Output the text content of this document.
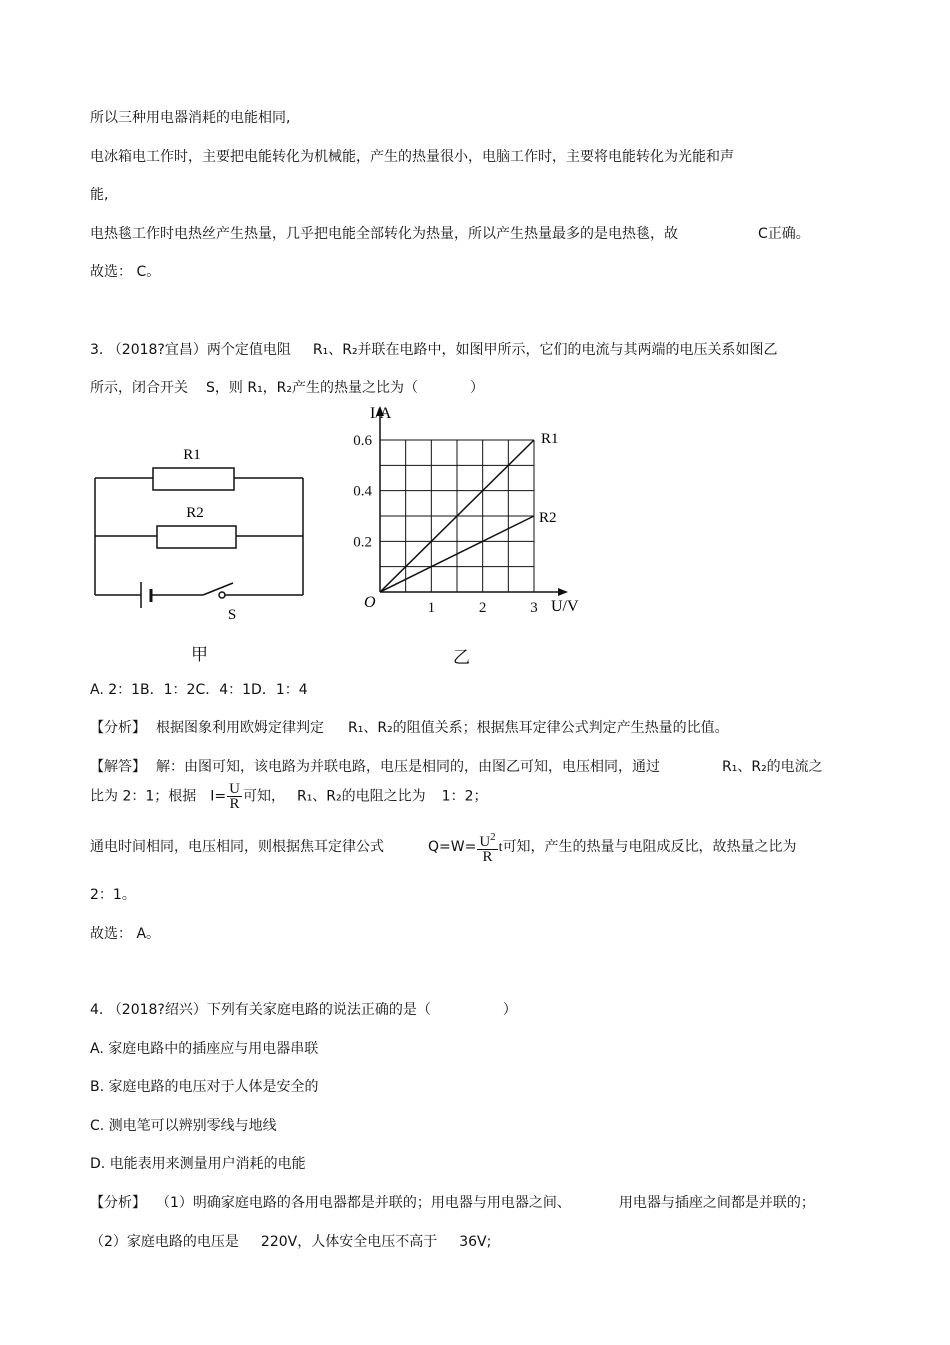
所以三种用电器消耗的电能相同,
电冰箱电工作时，主要把电能转化为机械能，产生的热量很小，电脑工作时，主要将电能转化为光能和声
能,
电热毯工作时电热丝产生热量，几乎把电能全部转化为热量，所以产生热量最多的是电热毯，故	C正确。
故选： C。
3. （2018?宜昌）两个定值电阻 R₁、R₂并联在电路中，如图甲所示，它们的电流与其两端的电压关系如图乙
所示，闭合开关 S，则 R₁，R₂产生的热量之比为（	）
R1
R2
S
甲
0.2
0.4
0.6
1	2	3
I/A
U/V
O
R1
R2
乙
A. 2：1B．1：2C．4：1D．1：4
【分析】 根据图象利用欧姆定律判定 R₁、R₂的阻值关系；根据焦耳定律公式判定产生热量的比值。
【解答】 解：由图可知，该电路为并联电路，电压是相同的，由图乙可知，电压相同，通过	R₁、R₂的电流之
比为 2：1；根据 $I= \frac{U}{R}$ 可知， R₁、R₂的电阻之比为 1：2；
通电时间相同，电压相同，则根据焦耳定律公式	$Q=W= \frac{U^2}{R}$ t可知，产生的热量与电阻成反比，故热量之比为
2：1。
故选： A。
4. （2018?绍兴）下列有关家庭电路的说法正确的是（	）
A. 家庭电路中的插座应与用电器串联
B. 家庭电路的电压对于人体是安全的
C. 测电笔可以辨别零线与地线
D. 电能表用来测量用户消耗的电能
【分析】 （1）明确家庭电路的各用电器都是并联的；用电器与用电器之间、	用电器与插座之间都是并联的；
（2）家庭电路的电压是 220V，人体安全电压不高于 36V;
